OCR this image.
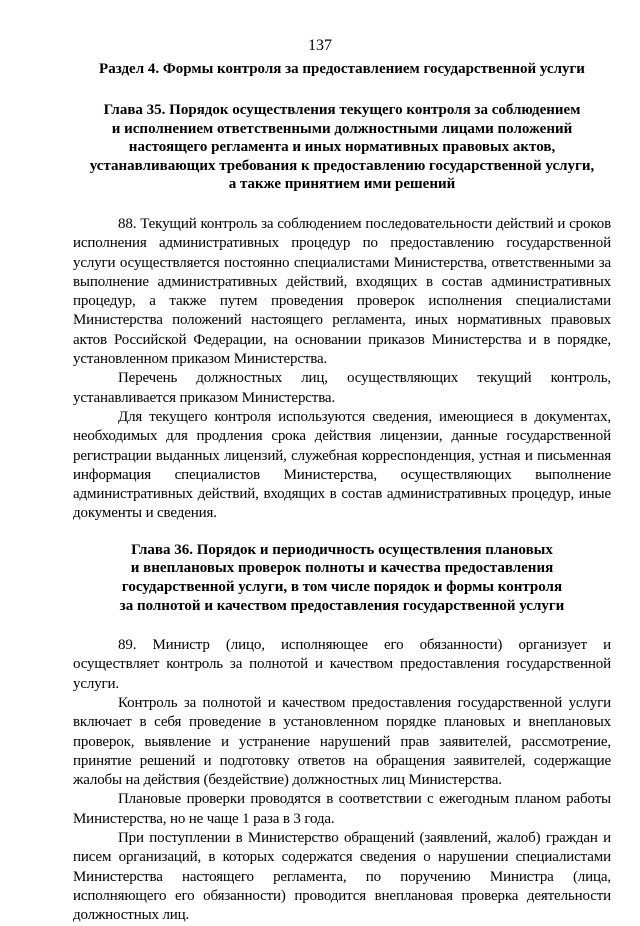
137
Раздел 4. Формы контроля за предоставлением государственной услуги
Глава 35. Порядок осуществления текущего контроля за соблюдением
и исполнением ответственными должностными лицами положений
настоящего регламента и иных нормативных правовых актов,
устанавливающих требования к предоставлению государственной услуги,
а также принятием ими решений

88. Текущий контроль за соблюдением последовательности действий и сроков исполнения административных процедур по предоставлению государственной услуги осуществляется постоянно специалистами Министерства, ответственными за выполнение административных действий, входящих в состав административных процедур, а также путем проведения проверок исполнения специалистами Министерства положений настоящего регламента, иных нормативных правовых актов Российской Федерации, на основании приказов Министерства и в порядке, установленном приказом Министерства.

Перечень должностных лиц, осуществляющих текущий контроль, устанавливается приказом Министерства.

Для текущего контроля используются сведения, имеющиеся в документах, необходимых для продления срока действия лицензии, данные государственной регистрации выданных лицензий, служебная корреспонденция, устная и письменная информация специалистов Министерства, осуществляющих выполнение административных действий, входящих в состав административных процедур, иные документы и сведения.

Глава 36. Порядок и периодичность осуществления плановых
и внеплановых проверок полноты и качества предоставления
государственной услуги, в том числе порядок и формы контроля
за полнотой и качеством предоставления государственной услуги

89. Министр (лицо, исполняющее его обязанности) организует и осуществляет контроль за полнотой и качеством предоставления государственной услуги.

Контроль за полнотой и качеством предоставления государственной услуги включает в себя проведение в установленном порядке плановых и внеплановых проверок, выявление и устранение нарушений прав заявителей, рассмотрение, принятие решений и подготовку ответов на обращения заявителей, содержащие жалобы на действия (бездействие) должностных лиц Министерства.

Плановые проверки проводятся в соответствии с ежегодным планом работы Министерства, но не чаще 1 раза в 3 года.

При поступлении в Министерство обращений (заявлений, жалоб) граждан и писем организаций, в которых содержатся сведения о нарушении специалистами Министерства настоящего регламента, по поручению Министра (лица, исполняющего его обязанности) проводится внеплановая проверка деятельности должностных лиц.
